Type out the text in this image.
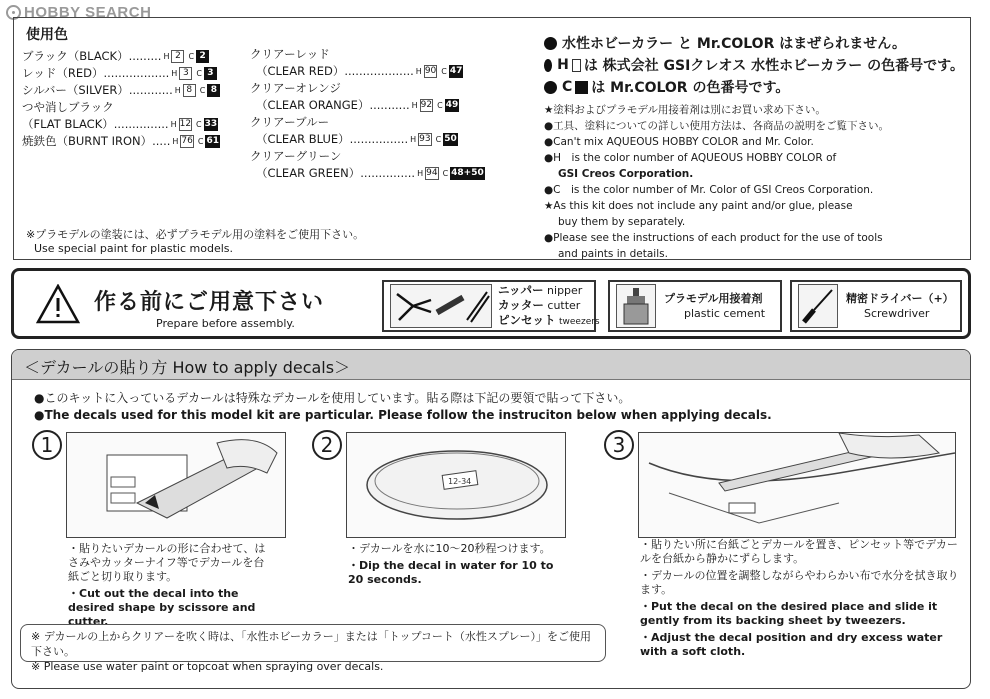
HOBBY SEARCH
使用色
ブラック（BLACK）......... H 2 C 2
レッド（RED）.................. H 3 C 3
シルバー（SILVER）............ H 8 C 8
つや消しブラック
（FLAT BLACK）............... H 12 C 33
焼鉄色（BURNT IRON）..... H 76 C 61
クリアーレッド
（CLEAR RED）................... H 90 C 47
クリアーオレンジ
（CLEAR ORANGE）........... H 92 C 49
クリアーブルー
（CLEAR BLUE）................ H 93 C 50
クリアーグリーン
（CLEAR GREEN）............... H 94 C 48+50
※プラモデルの塗装には、必ずプラモデル用の塗料をご使用下さい。
Use special paint for plastic models.
水性ホビーカラー と Mr.COLOR はまぜられません。
H は 株式会社 GSIクレオス 水性ホビーカラー の色番号です。
C は Mr.COLOR の色番号です。
★塗料およびプラモデル用接着剤は別にお買い求め下さい。
●工具、塗料についての詳しい使用方法は、各商品の説明をご覧下さい。
●Can't mix AQUEOUS HOBBY COLOR and Mr. Color.
●H　is the color number of AQUEOUS HOBBY COLOR of
GSI Creos Corporation.
●C　is the color number of Mr. Color of GSI Creos Corporation.
★As this kit does not include any paint and/or glue, please
buy them by separately.
●Please see the instructions of each product for the use of tools
and paints in details.
作る前にご用意下さい
Prepare before assembly.
ニッパー nipper
カッター cutter
ピンセット tweezers
プラモデル用接着剤
plastic cement
精密ドライバー（+）
Screwdriver
＜デカールの貼り方 How to apply decals＞
●このキットに入っているデカールは特殊なデカールを使用しています。貼る際は下記の要領で貼って下さい。
●The decals used for this model kit are particular. Please follow the instruciton below when applying decals.
1

・貼りたいデカールの形に合わせて、はさみやカッターナイフ等でデカールを台紙ごと切り取ります。

・Cut out the decal into the desired shape by scissore and cutter.

2
12-34

・デカールを水に10～20秒程つけます。

・Dip the decal in water for 10 to 20 seconds.

3

・貼りたい所に台紙ごとデカールを置き、ピンセット等でデカールを台紙から静かにずらします。

・デカールの位置を調整しながらやわらかい布で水分を拭き取ります。

・Put the decal on the desired place and slide it gently from its backing sheet by tweezers.

・Adjust the decal position and dry excess water with a soft cloth.

※ デカールの上からクリアーを吹く時は、「水性ホビーカラー」または「トップコート（水性スプレー）」をご使用下さい。
※ Please use water paint or topcoat when spraying over decals.
